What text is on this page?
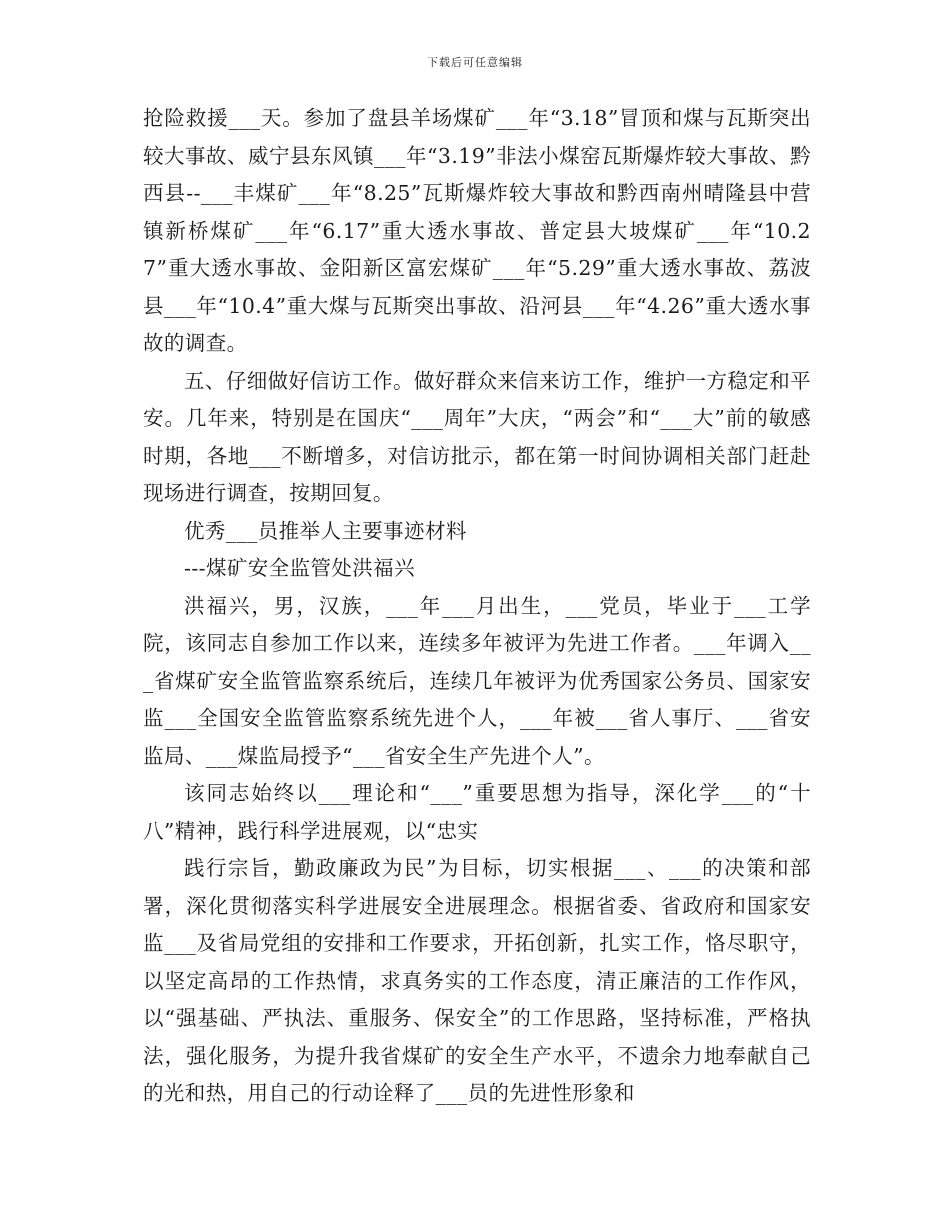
下载后可任意编辑

抢险救援___天。参加了盘县羊场煤矿___年“3.18”冒顶和煤与瓦斯突出较大事故、威宁县东风镇___年“3.19”非法小煤窑瓦斯爆炸较大事故、黔西县--___丰煤矿___年“8.25”瓦斯爆炸较大事故和黔西南州晴隆县中营镇新桥煤矿___年“6.17”重大透水事故、普定县大坡煤矿___年“10.27”重大透水事故、金阳新区富宏煤矿___年“5.29”重大透水事故、荔波县___年“10.4”重大煤与瓦斯突出事故、沿河县___年“4.26”重大透水事故的调查。

五、仔细做好信访工作。做好群众来信来访工作，维护一方稳定和平安。几年来，特别是在国庆“___周年”大庆，“两会”和“___大”前的敏感时期，各地___不断增多，对信访批示，都在第一时间协调相关部门赶赴现场进行调查，按期回复。

优秀___员推举人主要事迹材料

---煤矿安全监管处洪福兴

洪福兴，男，汉族，___年___月出生，___党员，毕业于___工学院，该同志自参加工作以来，连续多年被评为先进工作者。___年调入___省煤矿安全监管监察系统后，连续几年被评为优秀国家公务员、国家安监___全国安全监管监察系统先进个人，___年被___省人事厅、___省安监局、___煤监局授予“___省安全生产先进个人”。

该同志始终以___理论和“___”重要思想为指导，深化学___的“十八”精神，践行科学进展观，以“忠实

践行宗旨，勤政廉政为民”为目标，切实根据___、___的决策和部署，深化贯彻落实科学进展安全进展理念。根据省委、省政府和国家安监___及省局党组的安排和工作要求，开拓创新，扎实工作，恪尽职守，以坚定高昂的工作热情，求真务实的工作态度，清正廉洁的工作作风，以“强基础、严执法、重服务、保安全”的工作思路，坚持标准，严格执法，强化服务，为提升我省煤矿的安全生产水平，不遗余力地奉献自己的光和热，用自己的行动诠释了___员的先进性形象和
